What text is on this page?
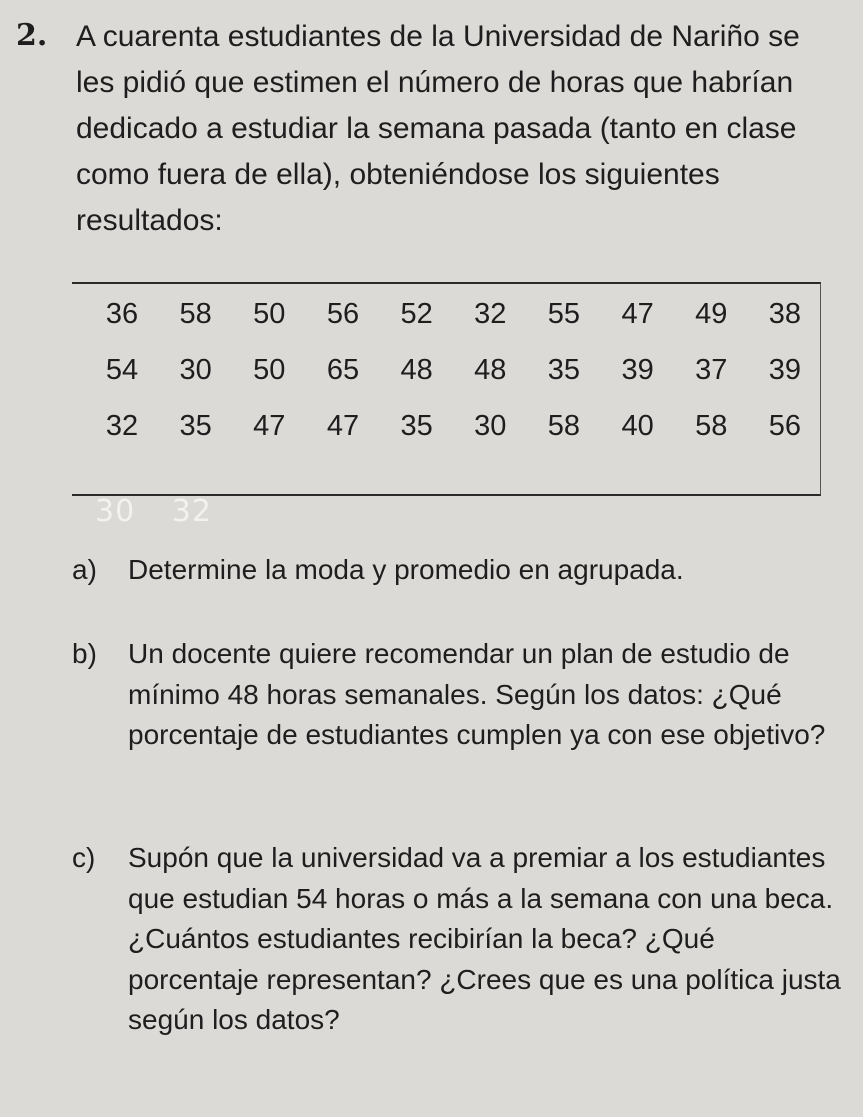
2. A cuarenta estudiantes de la Universidad de Nariño se les pidió que estimen el número de horas que habrían dedicado a estudiar la semana pasada (tanto en clase como fuera de ella), obteniéndose los siguientes resultados:

36	58	50	56	52	32	55	47	49	38
54	30	50	65	48	48	35	39	37	39
32	35	47	47	35	30	58	40	58	56
30 32
a) Determine la moda y promedio en agrupada.
b) Un docente quiere recomendar un plan de estudio de mínimo 48 horas semanales. Según los datos: ¿Qué porcentaje de estudiantes cumplen ya con ese objetivo?
c) Supón que la universidad va a premiar a los estudiantes que estudian 54 horas o más a la semana con una beca. ¿Cuántos estudiantes recibirían la beca? ¿Qué porcentaje representan? ¿Crees que es una política justa según los datos?
